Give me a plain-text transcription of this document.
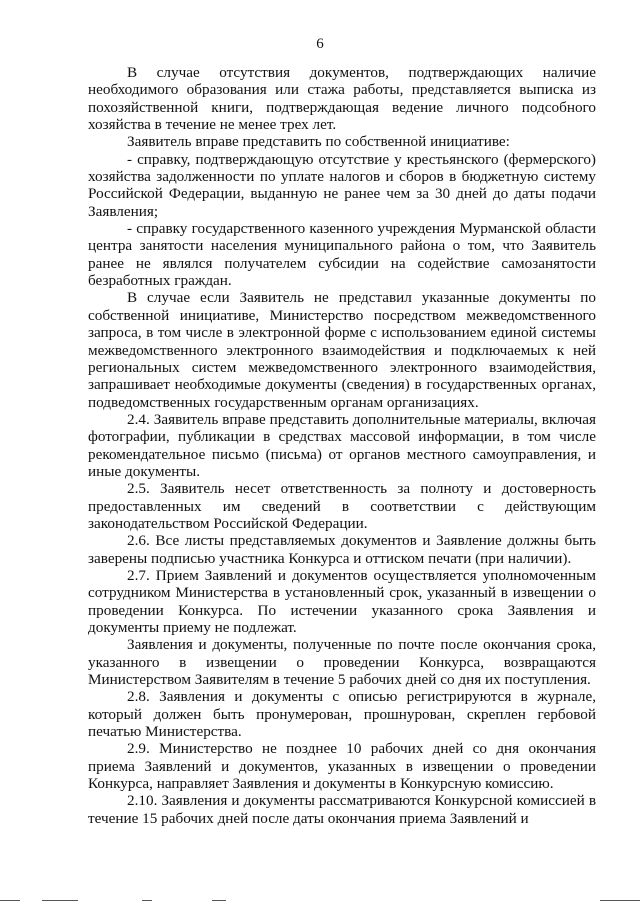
6

В случае отсутствия документов, подтверждающих наличие необходимого образования или стажа работы, представляется выписка из похозяйственной книги, подтверждающая ведение личного подсобного хозяйства в течение не менее трех лет.

Заявитель вправе представить по собственной инициативе:

- справку, подтверждающую отсутствие у крестьянского (фермерского) хозяйства задолженности по уплате налогов и сборов в бюджетную систему Российской Федерации, выданную не ранее чем за 30 дней до даты подачи Заявления;

- справку государственного казенного учреждения Мурманской области центра занятости населения муниципального района о том, что Заявитель ранее не являлся получателем субсидии на содействие самозанятости безработных граждан.

В случае если Заявитель не представил указанные документы по собственной инициативе, Министерство посредством межведомственного запроса, в том числе в электронной форме с использованием единой системы межведомственного электронного взаимодействия и подключаемых к ней региональных систем межведомственного электронного взаимодействия, запрашивает необходимые документы (сведения) в государственных органах, подведомственных государственным органам организациях.

2.4. Заявитель вправе представить дополнительные материалы, включая фотографии, публикации в средствах массовой информации, в том числе рекомендательное письмо (письма) от органов местного самоуправления, и иные документы.

2.5. Заявитель несет ответственность за полноту и достоверность предоставленных им сведений в соответствии с действующим законодательством Российской Федерации.

2.6. Все листы представляемых документов и Заявление должны быть заверены подписью участника Конкурса и оттиском печати (при наличии).

2.7. Прием Заявлений и документов осуществляется уполномоченным сотрудником Министерства в установленный срок, указанный в извещении о проведении Конкурса. По истечении указанного срока Заявления и документы приему не подлежат.

Заявления и документы, полученные по почте после окончания срока, указанного в извещении о проведении Конкурса, возвращаются Министерством Заявителям в течение 5 рабочих дней со дня их поступления.

2.8. Заявления и документы с описью регистрируются в журнале, который должен быть пронумерован, прошнурован, скреплен гербовой печатью Министерства.

2.9. Министерство не позднее 10 рабочих дней со дня окончания приема Заявлений и документов, указанных в извещении о проведении Конкурса, направляет Заявления и документы в Конкурсную комиссию.

2.10. Заявления и документы рассматриваются Конкурсной комиссией в течение 15 рабочих дней после даты окончания приема Заявлений и
